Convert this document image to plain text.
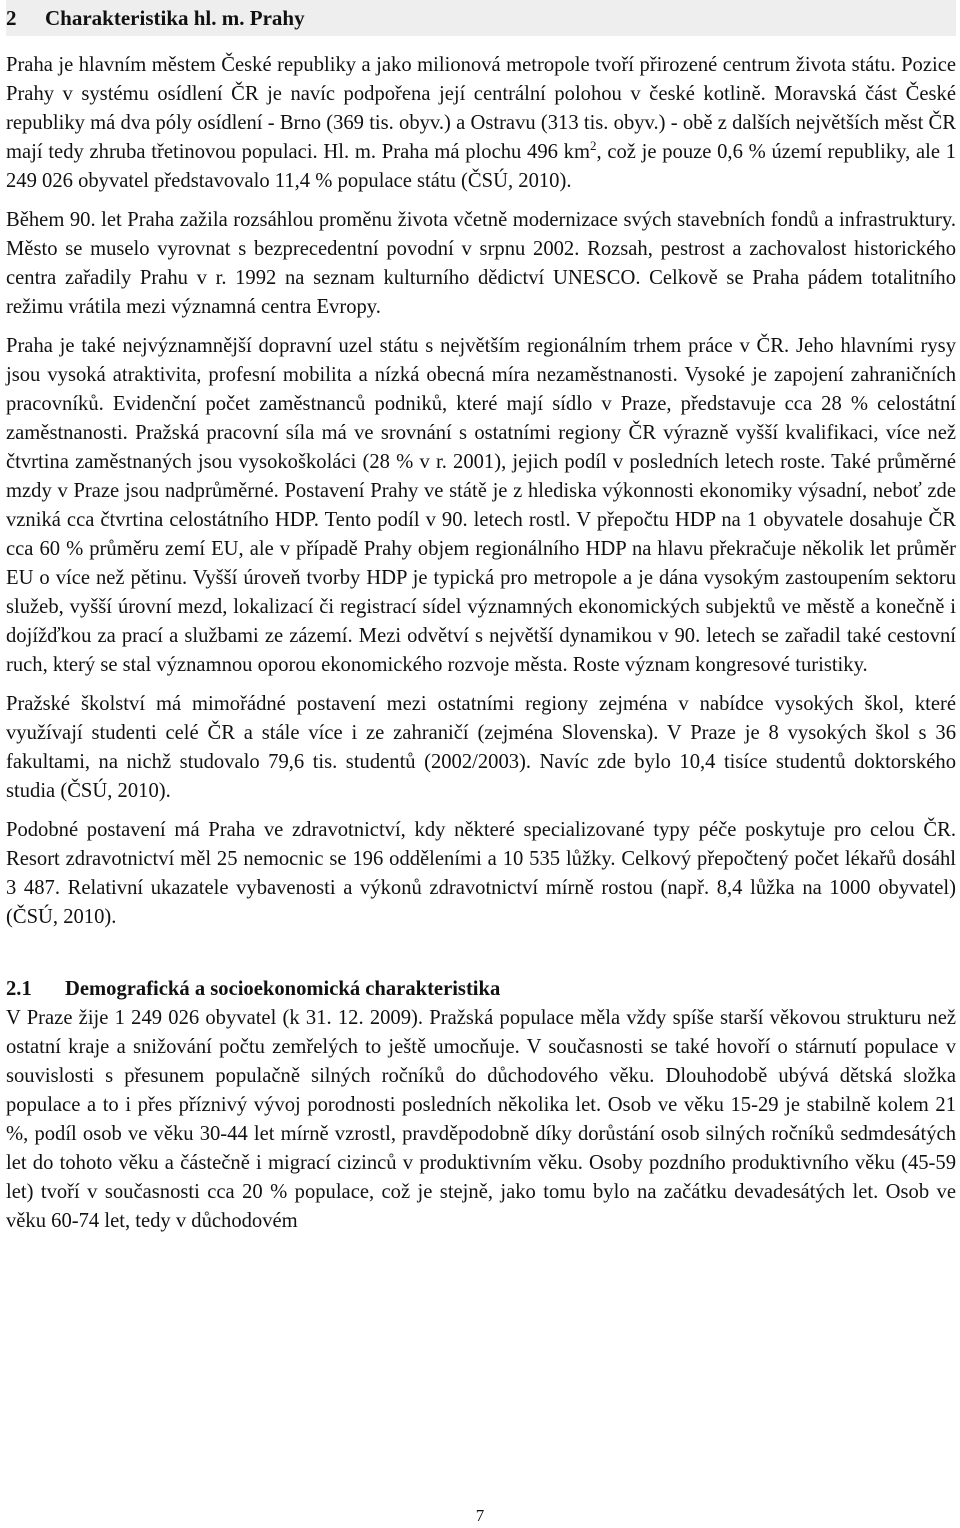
2 Charakteristika hl. m. Prahy

Praha je hlavním městem České republiky a jako milionová metropole tvoří přirozené centrum života státu. Pozice Prahy v systému osídlení ČR je navíc podpořena její centrální polohou v české kotlině. Moravská část České republiky má dva póly osídlení - Brno (369 tis. obyv.) a Ostravu (313 tis. obyv.) - obě z dalších největších měst ČR mají tedy zhruba třetinovou populaci. Hl. m. Praha má plochu 496 $km^2$, což je pouze 0,6 % území republiky, ale 1 249 026 obyvatel představovalo 11,4 % populace státu (ČSÚ, 2010).

Během 90. let Praha zažila rozsáhlou proměnu života včetně modernizace svých stavebních fondů a infrastruktury. Město se muselo vyrovnat s bezprecedentní povodní v srpnu 2002. Rozsah, pestrost a zachovalost historického centra zařadily Prahu v r. 1992 na seznam kulturního dědictví UNESCO. Celkově se Praha pádem totalitního režimu vrátila mezi významná centra Evropy.

Praha je také nejvýznamnější dopravní uzel státu s největším regionálním trhem práce v ČR. Jeho hlavními rysy jsou vysoká atraktivita, profesní mobilita a nízká obecná míra nezaměstnanosti. Vysoké je zapojení zahraničních pracovníků. Evidenční počet zaměstnanců podniků, které mají sídlo v Praze, představuje cca 28 % celostátní zaměstnanosti. Pražská pracovní síla má ve srovnání s ostatními regiony ČR výrazně vyšší kvalifikaci, více než čtvrtina zaměstnaných jsou vysokoškoláci (28 % v r. 2001), jejich podíl v posledních letech roste. Také průměrné mzdy v Praze jsou nadprůměrné. Postavení Prahy ve státě je z hlediska výkonnosti ekonomiky výsadní, neboť zde vzniká cca čtvrtina celostátního HDP. Tento podíl v 90. letech rostl. V přepočtu HDP na 1 obyvatele dosahuje ČR cca 60 % průměru zemí EU, ale v případě Prahy objem regionálního HDP na hlavu překračuje několik let průměr EU o více než pětinu. Vyšší úroveň tvorby HDP je typická pro metropole a je dána vysokým zastoupením sektoru služeb, vyšší úrovní mezd, lokalizací či registrací sídel významných ekonomických subjektů ve městě a konečně i dojížďkou za prací a službami ze zázemí. Mezi odvětví s největší dynamikou v 90. letech se zařadil také cestovní ruch, který se stal významnou oporou ekonomického rozvoje města. Roste význam kongresové turistiky.

Pražské školství má mimořádné postavení mezi ostatními regiony zejména v nabídce vysokých škol, které využívají studenti celé ČR a stále více i ze zahraničí (zejména Slovenska). V Praze je 8 vysokých škol s 36 fakultami, na nichž studovalo 79,6 tis. studentů (2002/2003). Navíc zde bylo 10,4 tisíce studentů doktorského studia (ČSÚ, 2010).

Podobné postavení má Praha ve zdravotnictví, kdy některé specializované typy péče poskytuje pro celou ČR. Resort zdravotnictví měl 25 nemocnic se 196 odděleními a 10 535 lůžky. Celkový přepočtený počet lékařů dosáhl 3 487. Relativní ukazatele vybavenosti a výkonů zdravotnictví mírně rostou (např. 8,4 lůžka na 1000 obyvatel) (ČSÚ, 2010).

2.1 Demografická a socioekonomická charakteristika

V Praze žije 1 249 026 obyvatel (k 31. 12. 2009). Pražská populace měla vždy spíše starší věkovou strukturu než ostatní kraje a snižování počtu zemřelých to ještě umocňuje. V současnosti se také hovoří o stárnutí populace v souvislosti s přesunem populačně silných ročníků do důchodového věku. Dlouhodobě ubývá dětská složka populace a to i přes příznivý vývoj porodnosti posledních několika let. Osob ve věku 15-29 je stabilně kolem 21 %, podíl osob ve věku 30-44 let mírně vzrostl, pravděpodobně díky dorůstání osob silných ročníků sedmdesátých let do tohoto věku a částečně i migrací cizinců v produktivním věku. Osoby pozdního produktivního věku (45-59 let) tvoří v současnosti cca 20 % populace, což je stejně, jako tomu bylo na začátku devadesátých let. Osob ve věku 60-74 let, tedy v důchodovém

7
